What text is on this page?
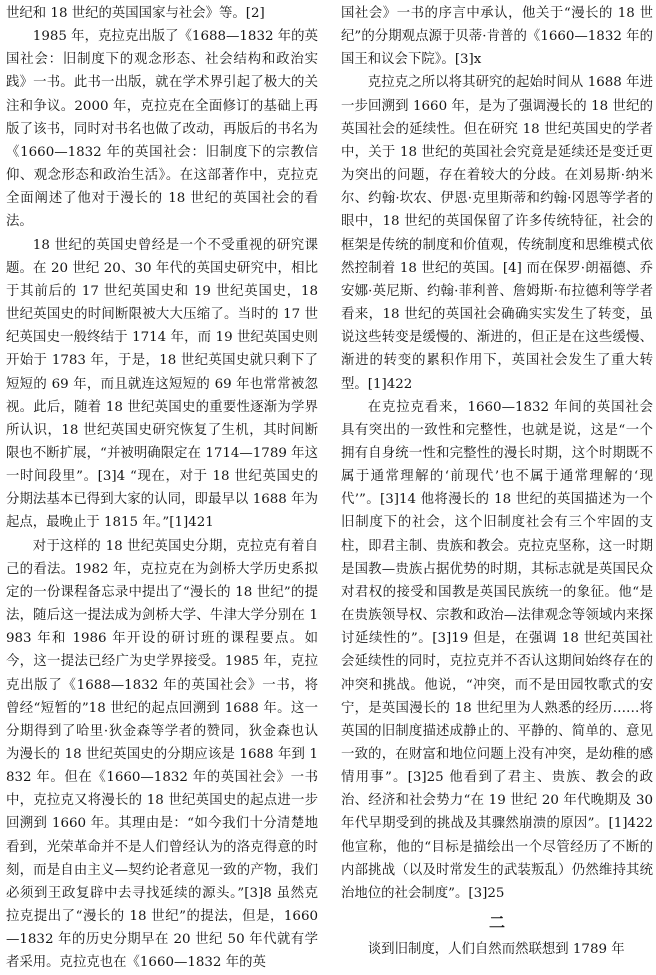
世纪和 18 世纪的英国国家与社会》等。[2]

1985 年，克拉克出版了《1688—1832 年的英国社会：旧制度下的观念形态、社会结构和政治实践》一书。此书一出版，就在学术界引起了极大的关注和争议。2000 年，克拉克在全面修订的基础上再版了该书，同时对书名也做了改动，再版后的书名为《1660—1832 年的英国社会：旧制度下的宗教信仰、观念形态和政治生活》。在这部著作中，克拉克全面阐述了他对于漫长的 18 世纪的英国社会的看法。

18 世纪的英国史曾经是一个不受重视的研究课题。在 20 世纪 20、30 年代的英国史研究中，相比于其前后的 17 世纪英国史和 19 世纪英国史，18 世纪英国史的时间断限被大大压缩了。当时的 17 世纪英国史一般终结于 1714 年，而 19 世纪英国史则开始于 1783 年，于是，18 世纪英国史就只剩下了短短的 69 年，而且就连这短短的 69 年也常常被忽视。此后，随着 18 世纪英国史的重要性逐渐为学界所认识，18 世纪英国史研究恢复了生机，其时间断限也不断扩展，“并被明确限定在 1714—1789 年这一时间段里”。[3]4 “现在，对于 18 世纪英国史的分期法基本已得到大家的认同，即最早以 1688 年为起点，最晚止于 1815 年。”[1]421

对于这样的 18 世纪英国史分期，克拉克有着自己的看法。1982 年，克拉克在为剑桥大学历史系拟定的一份课程备忘录中提出了“漫长的 18 世纪”的提法，随后这一提法成为剑桥大学、牛津大学分别在 1983 年和 1986 年开设的研讨班的课程要点。如今，这一提法已经广为史学界接受。1985 年，克拉克出版了《1688—1832 年的英国社会》一书，将曾经“短暂的”18 世纪的起点回溯到 1688 年。这一分期得到了哈里·狄金森等学者的赞同，狄金森也认为漫长的 18 世纪英国史的分期应该是 1688 年到 1832 年。但在《1660—1832 年的英国社会》一书中，克拉克又将漫长的 18 世纪英国史的起点进一步回溯到 1660 年。其理由是：“如今我们十分清楚地看到，光荣革命并不是人们曾经认为的洛克得意的时刻，而是自由主义—契约论者意见一致的产物，我们必须到王政复辟中去寻找延续的源头。”[3]8 虽然克拉克提出了“漫长的 18 世纪”的提法，但是，1660—1832 年的历史分期早在 20 世纪 50 年代就有学者采用。克拉克也在《1660—1832 年的英

国社会》一书的序言中承认，他关于“漫长的 18 世纪”的分期观点源于贝蒂·肯普的《1660—1832 年的国王和议会下院》。[3]x

克拉克之所以将其研究的起始时间从 1688 年进一步回溯到 1660 年，是为了强调漫长的 18 世纪的英国社会的延续性。但在研究 18 世纪英国史的学者中，关于 18 世纪的英国社会究竟是延续还是变迁更为突出的问题，存在着较大的分歧。在刘易斯·纳米尔、约翰·坎农、伊恩·克里斯蒂和约翰·冈恩等学者的眼中，18 世纪的英国保留了许多传统特征，社会的框架是传统的制度和价值观，传统制度和思维模式依然控制着 18 世纪的英国。[4] 而在保罗·朗福德、乔安娜·英尼斯、约翰·菲利普、詹姆斯·布拉德利等学者看来，18 世纪的英国社会确确实实发生了转变，虽说这些转变是缓慢的、渐进的，但正是在这些缓慢、渐进的转变的累积作用下，英国社会发生了重大转型。[1]422

在克拉克看来，1660—1832 年间的英国社会具有突出的一致性和完整性，也就是说，这是“一个拥有自身统一性和完整性的漫长时期，这个时期既不属于通常理解的‘前现代’也不属于通常理解的‘现代’”。[3]14 他将漫长的 18 世纪的英国描述为一个旧制度下的社会，这个旧制度社会有三个牢固的支柱，即君主制、贵族和教会。克拉克坚称，这一时期是国教—贵族占据优势的时期，其标志就是英国民众对君权的接受和国教是英国民族统一的象征。他“是在贵族领导权、宗教和政治—法律观念等领域内来探讨延续性的”。[3]19 但是，在强调 18 世纪英国社会延续性的同时，克拉克并不否认这期间始终存在的冲突和挑战。他说，“冲突，而不是田园牧歌式的安宁，是英国漫长的 18 世纪里为人熟悉的经历……将英国的旧制度描述成静止的、平静的、简单的、意见一致的，在财富和地位问题上没有冲突，是幼稚的感情用事”。[3]25 他看到了君主、贵族、教会的政治、经济和社会势力“在 19 世纪 20 年代晚期及 30 年代早期受到的挑战及其骤然崩溃的原因”。[1]422 他宣称，他的“目标是描绘出一个尽管经历了不断的内部挑战（以及时常发生的武装叛乱）仍然维持其统治地位的社会制度”。[3]25

二

谈到旧制度，人们自然而然联想到 1789 年
